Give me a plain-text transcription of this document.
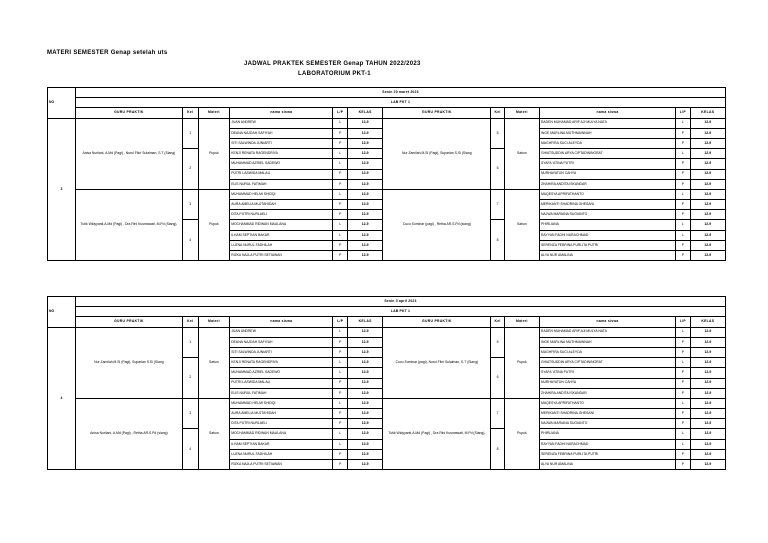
MATERI SEMESTER Genap setelah uts
JADWAL PRAKTEK SEMESTER Genap TAHUN 2022/2023
LABORATORIUM PKT-1
NO	Senin 20 maret 2023											
	LAB PKT 1											
	GURU PRAKTIK	Kel	Materi	nama siswa	L/P	KELAS	GURU PRAKTIK	Kel	Materi	nama siswa	L/P	KELAS
3	Anisa Nurliani, A.Md (Pagi) , Nurul Fikri Sulaiman, S.T (Siang)	1	Pupuk	JUAN ANDREW	L	12-9	Nur Zamilah,M.Si (Pagi), Suparlan S.Si (Siang	5	Sabun	RADEN MUHAMAD ARIF AJI MULYA NATA	L	12-9
				DEANA NAJDAH SAFIYAH	P	12-9				INGE MARLINA MUTHMAINNAH	P	12-9
				SITI SALWINDA JUNIARTI	P	12-9				MAGHFIRA SUCI ALEYDA	P	12-9
		2		KENJI RENATA RAGENDRIYA	L	12-9		6		GHIATSUDDIN ARYA CIPTADININGRAT	L	12-9
				MUHAMMAD AZRIEL SADEWO	L	12-9				SYAFA 'ATINA PUTRI	P	12-9
				PUTRI LASWIDA MALAU	P	12-9				NURHAYATUN CAHYA	P	12-9
				ELIS NURUL FATIMAH	P	12-9				ZHAHIRA ANDITA ISKANDAR	P	12-9
	Tutik Widyyanti,A.Md (Pagi) , Dra Rini Kusmawati, M.Pd (Siang),	3	Pupuk	MUHAMMAD HELMI SHIDQI	L	12-9	Cucu Suminar (pagi) , Retha AR.S.Pd (siang)	7	Sabun	MAQESYA APRIFATHANTO	L	12-9
				AURA AMELIA MUJTAHIDAH	P	12-9				MERIKANTI SHADRINA GHESANI	P	12-9
				DITA PUTRI NURLAELI	P	12-9				NAJWA MARIANA SUGIANTO	P	12-9
		4		MOCHAMMAD RIDWAN MAULANA	L	12-9		8		PHIRLIANA	L	12-9
				ILHAM SEPTIAN BAKAR	L	12-9				RAYYAN FADHI NURACHMAD	L	12-9
				LUZNA NURUL FADHILAH	P	12-9				SERENZA FEBRINA PURLITA PUTRI	P	12-9
				RIZKA NAJLA PUTRI SETIAWAN	P	12-9				ALYA NUR AMALINA	P	12-9
NO	Senin 3 april 2023											
	LAB PKT 1											
	GURU PRAKTIK	Kel	Materi	nama siswa	L/P	KELAS	GURU PRAKTIK	Kel	Materi	nama siswa	L/P	KELAS
4	Nur Zamilah,M.Si (Pagi), Suparlan S.Si (Siang	1	Sabun	JUAN ANDREW	L	12-9	Cucu Suminar (pagi), Nurul Fikri Sulaiman, S.T (Siang)	5	Pupuk	RADEN MUHAMAD ARIF AJI MULYA NATA	L	12-9
				DEANA NAJDAH SAFIYAH	P	12-9				INGE MARLINA MUTHMAINNAH	P	12-9
				SITI SALWINDA JUNIARTI	P	12-9				MAGHFIRA SUCI ALEYDA	P	12-9
		2		KENJI RENATA RAGENDRIYA	L	12-9		6		GHIATSUDDIN ARYA CIPTADININGRAT	L	12-9
				MUHAMMAD AZRIEL SADEWO	L	12-9				SYAFA 'ATINA PUTRI	P	12-9
				PUTRI LASWIDA MALAU	P	12-9				NURHAYATUN CAHYA	P	12-9
				ELIS NURUL FATIMAH	P	12-9				ZHAHIRA ANDITA ISKANDAR	P	12-9
	Anisa Nurliani, A.Md (Pagi) , Retha AR.S.Pd (siang)	3	Sabun	MUHAMMAD HELMI SHIDQI	L	12-9	Tutik Widyyanti,A.Md (Pagi) , Dra Rini Kusmawati, M.Pd (Siang),	7	Pupuk	MAQESYA APRIFATHANTO	L	12-9
				AURA AMELIA MUJTAHIDAH	P	12-9				MERIKANTI SHADRINA GHESANI	P	12-9
				DITA PUTRI NURLAELI	P	12-9				NAJWA MARIANA SUGIANTO	P	12-9
		4		MOCHAMMAD RIDWAN MAULANA	L	12-9		8		PHIRLIANA	L	12-9
				ILHAM SEPTIAN BAKAR	L	12-9				RAYYAN FADHI NURACHMAD	L	12-9
				LUZNA NURUL FADHILAH	P	12-9				SERENZA FEBRINA PURLITA PUTRI	P	12-9
				RIZKA NAJLA PUTRI SETIAWAN	P	12-9				ALYA NUR AMALINA	P	12-9
